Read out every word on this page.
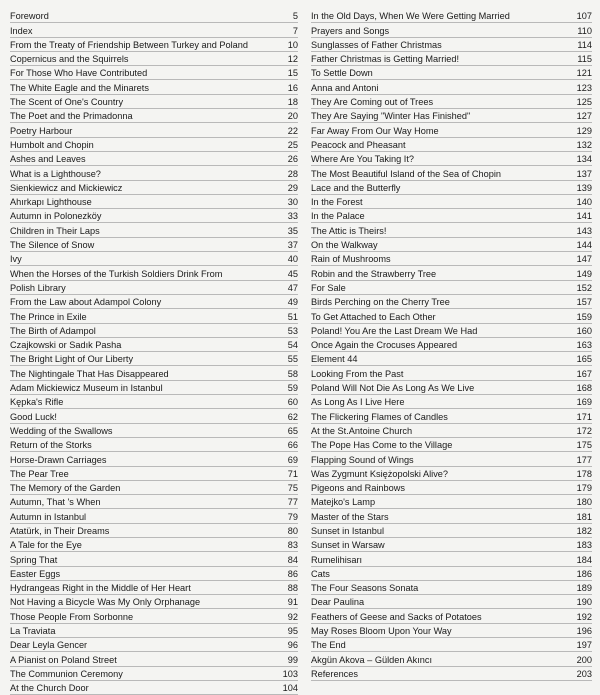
Foreword	5
Index	7
From the Treaty of Friendship Between Turkey and Poland	10
Copernicus and the Squirrels	12
For Those Who Have Contributed	15
The White Eagle and the Minarets	16
The Scent of One's Country	18
The Poet and the Primadonna	20
Poetry Harbour	22
Humbolt and Chopin	25
Ashes and Leaves	26
What is a Lighthouse?	28
Sienkiewicz and Mickiewicz	29
Ahırkapı Lighthouse	30
Autumn in Polonezköy	33
Children in Their Laps	35
The Silence of Snow	37
Ivy	40
When the Horses of the Turkish Soldiers Drink From	45
Polish Library	47
From the Law about Adampol Colony	49
The Prince in Exile	51
The Birth of Adampol	53
Czajkowski or Sadık Pasha	54
The Bright Light of Our Liberty	55
The Nightingale That Has Disappeared	58
Adam Mickiewicz Museum in Istanbul	59
Kępka's Rifle	60
Good Luck!	62
Wedding of the Swallows	65
Return of the Storks	66
Horse-Drawn Carriages	69
The Pear Tree	71
The Memory of the Garden	75
Autumn, That 's When	77
Autumn in Istanbul	79
Atatürk, in Their Dreams	80
A Tale for the Eye	83
Spring That	84
Easter Eggs	86
Hydrangeas Right in the Middle of Her Heart	88
Not Having a Bicycle Was My Only Orphanage	91
Those People From Sorbonne	92
La Traviata	95
Dear Leyla Gencer	96
A Pianist on Poland Street	99
The Communion Ceremony	103
At the Church Door	104
In the Old Days, When We Were Getting Married	107
Prayers and Songs	110
Sunglasses of Father Christmas	114
Father Christmas is Getting Married!	115
To Settle Down	121
Anna and Antoni	123
They Are Coming out of Trees	125
They Are Saying "Winter Has Finished"	127
Far Away From Our Way Home	129
Peacock and Pheasant	132
Where Are You Taking It?	134
The Most Beautiful Island of the Sea of Chopin	137
Lace and the Butterfly	139
In the Forest	140
In the Palace	141
The Attic is Theirs!	143
On the Walkway	144
Rain of Mushrooms	147
Robin and the Strawberry Tree	149
For Sale	152
Birds Perching on the Cherry Tree	157
To Get Attached to Each Other	159
Poland! You Are the Last Dream We Had	160
Once Again the Crocuses Appeared	163
Element 44	165
Looking From the Past	167
Poland Will Not Die As Long As We Live	168
As Long As I Live Here	169
The Flickering Flames of Candles	171
At the St.Antoine Church	172
The Pope Has Come to the Village	175
Flapping Sound of Wings	177
Was Zygmunt Księżopolski Alive?	178
Pigeons and Rainbows	179
Matejko's Lamp	180
Master of the Stars	181
Sunset in Istanbul	182
Sunset in Warsaw	183
Rumelihisarı	184
Cats	186
The Four Seasons Sonata	189
Dear Paulina	190
Feathers of Geese and Sacks of Potatoes	192
May Roses Bloom Upon Your Way	196
The End	197
Akgün Akova – Gülden Akıncı	200
References	203
